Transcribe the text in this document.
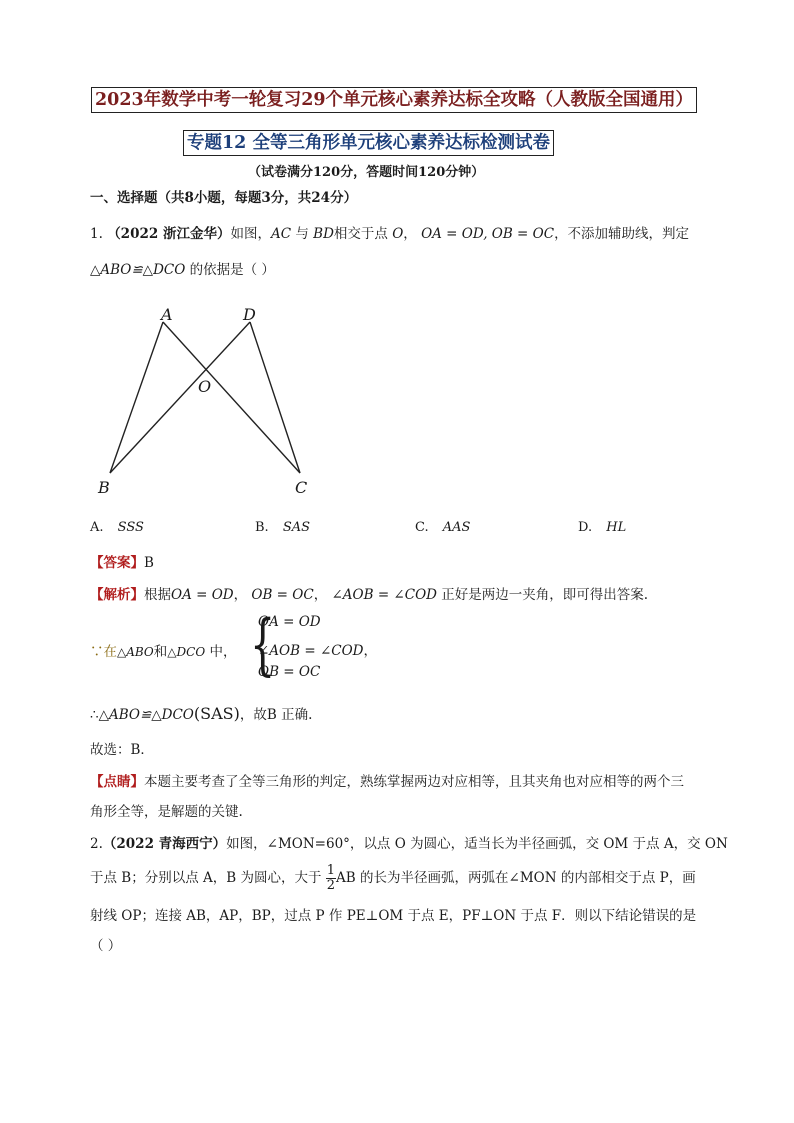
2023年数学中考一轮复习29个单元核心素养达标全攻略（人教版全国通用）
专题12 全等三角形单元核心素养达标检测试卷
（试卷满分120分，答题时间120分钟）
一、选择题（共8小题，每题3分，共24分）
1. （2022 浙江金华）如图，AC 与 BD相交于点 O， OA = OD, OB = OC，不添加辅助线，判定
△ABO≌△DCO 的依据是（ ）
A	D
O
B	C
A. SSS	B. SAS	C. AAS	D. HL
【答案】B
【解析】根据OA = OD， OB = OC， ∠AOB = ∠COD 正好是两边一夹角，即可得出答案.
∵在△ABO和△DCO 中， {
OA = OD
∠AOB = ∠COD，
OB = OC
∴△ABO≌△DCO(SAS)，故B 正确.
故选：B．
【点睛】本题主要考查了全等三角形的判定，熟练掌握两边对应相等，且其夹角也对应相等的两个三
角形全等，是解题的关键.
2.（2022 青海西宁）如图，∠MON=60°，以点 O 为圆心，适当长为半径画弧，交 OM 于点 A，交 ON
于点 B；分别以点 A，B 为圆心，大于 $\frac{1}{2}$ AB 的长为半径画弧，两弧在∠MON 的内部相交于点 P，画
射线 OP；连接 AB，AP，BP，过点 P 作 PE⊥OM 于点 E，PF⊥ON 于点 F．则以下结论错误的是
（ ）
